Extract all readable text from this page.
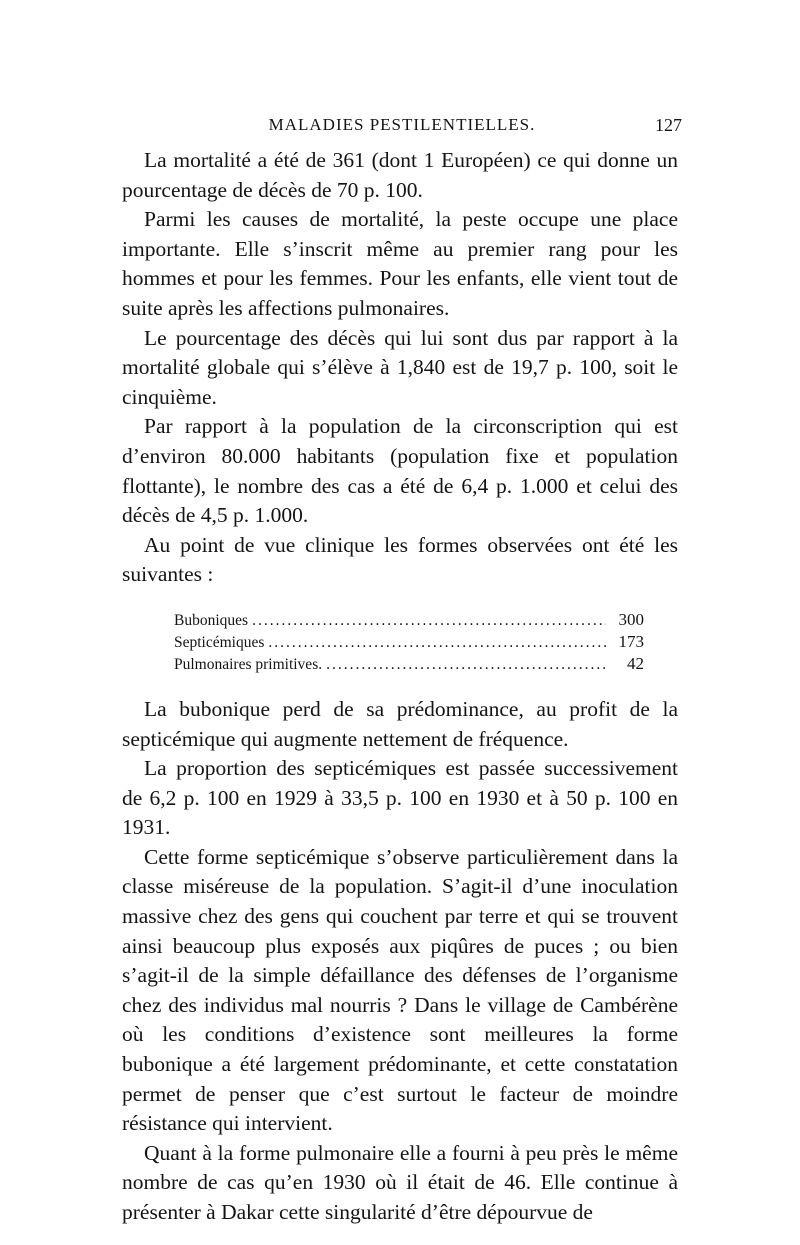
MALADIES PESTILENTIELLES.	127

La mortalité a été de 361 (dont 1 Européen) ce qui donne un pourcentage de décès de 70 p. 100.

Parmi les causes de mortalité, la peste occupe une place importante. Elle s’inscrit même au premier rang pour les hommes et pour les femmes. Pour les enfants, elle vient tout de suite après les affections pulmonaires.

Le pourcentage des décès qui lui sont dus par rapport à la mortalité globale qui s’élève à 1,840 est de 19,7 p. 100, soit le cinquième.

Par rapport à la population de la circonscription qui est d’environ 80.000 habitants (population fixe et population flottante), le nombre des cas a été de 6,4 p. 1.000 et celui des décès de 4,5 p. 1.000.

Au point de vue clinique les formes observées ont été les suivantes :

Buboniques .....	300
Septicémiques .....	173
Pulmonaires primitives. .....	42

La bubonique perd de sa prédominance, au profit de la septicémique qui augmente nettement de fréquence.

La proportion des septicémiques est passée successivement de 6,2 p. 100 en 1929 à 33,5 p. 100 en 1930 et à 50 p. 100 en 1931.

Cette forme septicémique s’observe particulièrement dans la classe miséreuse de la population. S’agit-il d’une inoculation massive chez des gens qui couchent par terre et qui se trouvent ainsi beaucoup plus exposés aux piqûres de puces ; ou bien s’agit-il de la simple défaillance des défenses de l’organisme chez des individus mal nourris ? Dans le village de Cambérène où les conditions d’existence sont meilleures la forme bubonique a été largement prédominante, et cette constatation permet de penser que c’est surtout le facteur de moindre résistance qui intervient.

Quant à la forme pulmonaire elle a fourni à peu près le même nombre de cas qu’en 1930 où il était de 46. Elle continue à présenter à Dakar cette singularité d’être dépourvue de
